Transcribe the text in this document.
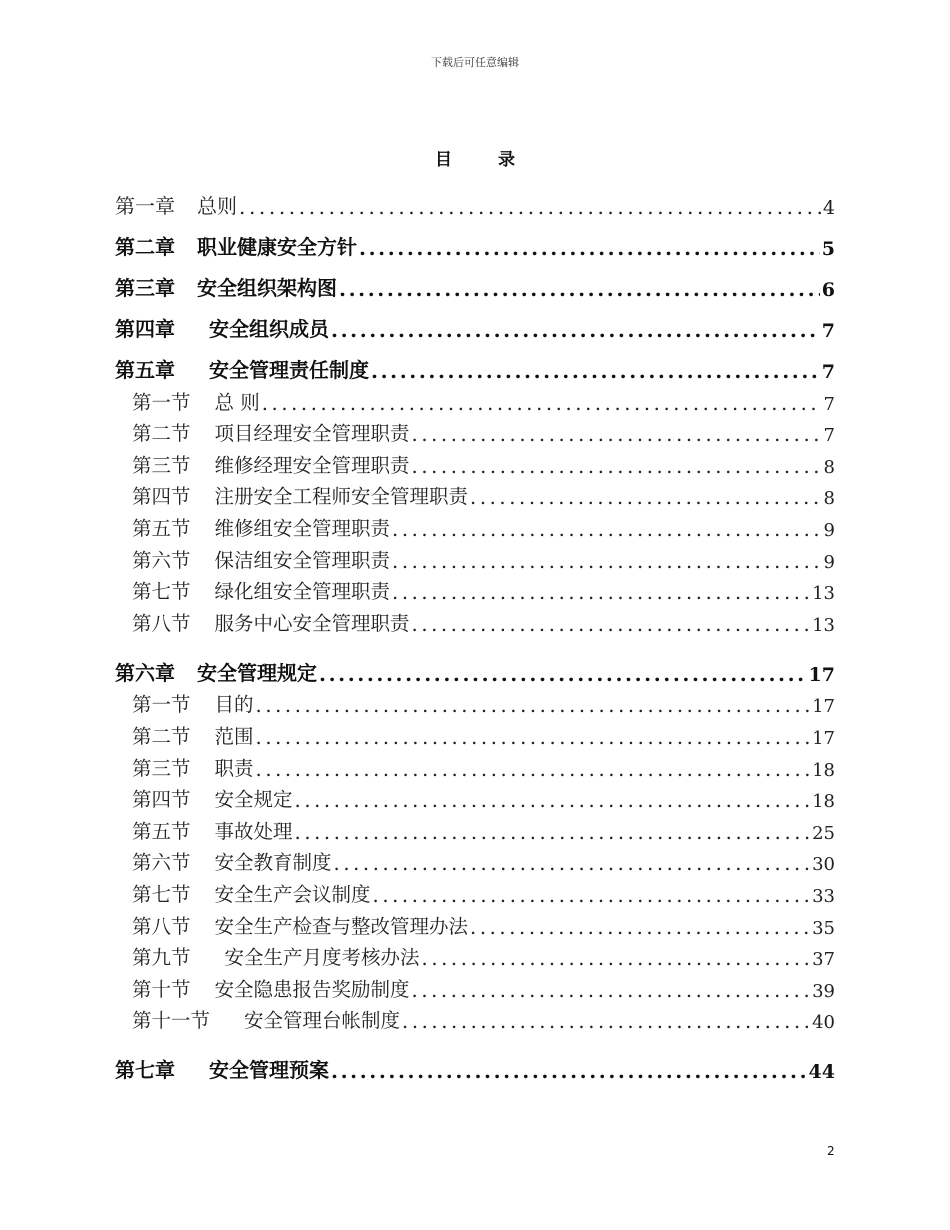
下载后可任意编辑
目 录
第一章 总则 .....	4
第二章 职业健康安全方针 .....	5
第三章 安全组织架构图 .....	6
第四章 安全组织成员 .....	7
第五章 安全管理责任制度 .....	7
第一节 总 则 .....	7
第二节 项目经理安全管理职责 .....	7
第三节 维修经理安全管理职责 .....	8
第四节 注册安全工程师安全管理职责 .....	8
第五节 维修组安全管理职责 .....	9
第六节 保洁组安全管理职责 .....	9
第七节 绿化组安全管理职责 .....	13
第八节 服务中心安全管理职责 .....	13
第六章 安全管理规定 .....	17
第一节 目的 .....	17
第二节 范围 .....	17
第三节 职责 .....	18
第四节 安全规定 .....	18
第五节 事故处理 .....	25
第六节 安全教育制度 .....	30
第七节 安全生产会议制度 .....	33
第八节 安全生产检查与整改管理办法 .....	35
第九节 安全生产月度考核办法 .....	37
第十节 安全隐患报告奖励制度 .....	39
第十一节 安全管理台帐制度 .....	40
第七章 安全管理预案 .....	44
2
